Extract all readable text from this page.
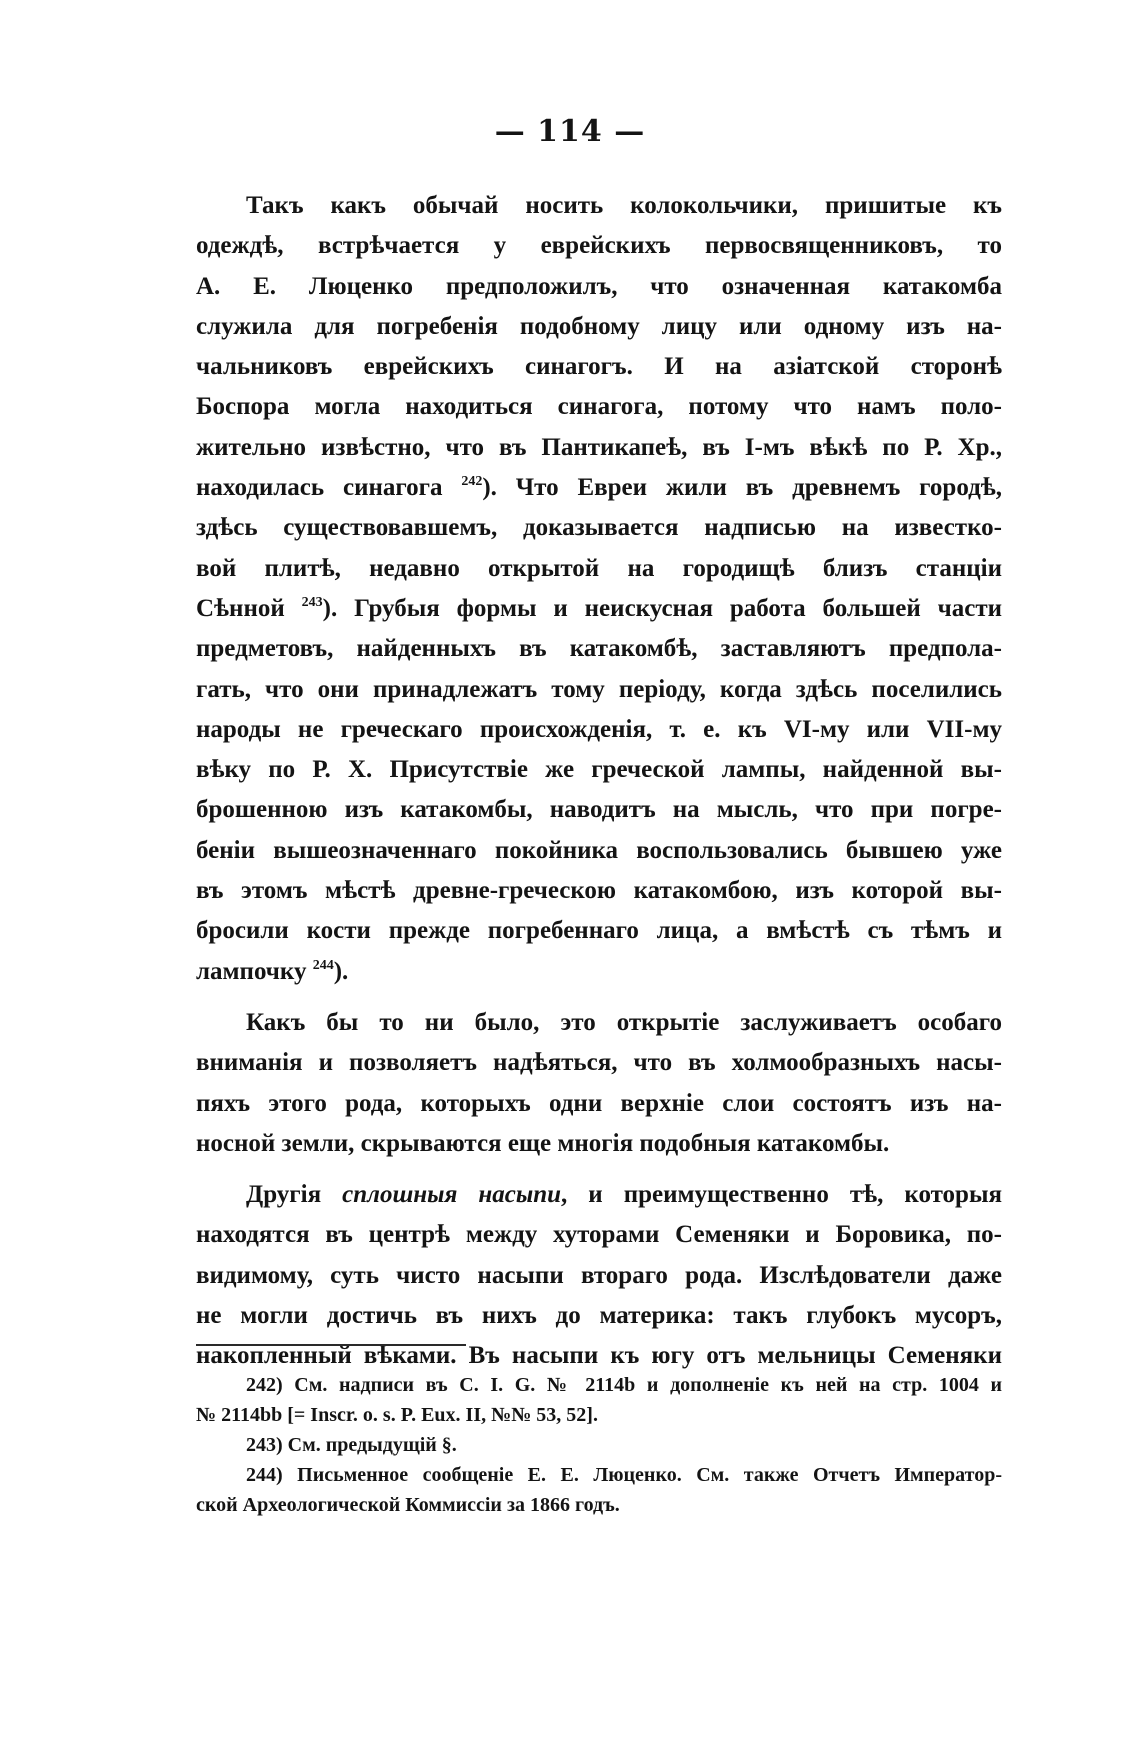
— 114 —
Такъ какъ обычай носить колокольчики, пришитые къ
одеждѣ, встрѣчается у еврейскихъ первосвященниковъ, то
А. Е. Люценко предположилъ, что означенная катакомба
служила для погребенія подобному лицу или одному изъ на-
чальниковъ еврейскихъ синагогъ. И на азіатской сторонѣ
Боспора могла находиться синагога, потому что намъ поло-
жительно извѣстно, что въ Пантикапеѣ, въ I-мъ вѣкѣ по Р. Хр.,
находилась синагога $^{242}$). Что Евреи жили въ древнемъ городѣ,
здѣсь существовавшемъ, доказывается надписью на известко-
вой плитѣ, недавно открытой на городищѣ близъ станціи
Сѣнной $^{243}$). Грубыя формы и неискусная работа большей части
предметовъ, найденныхъ въ катакомбѣ, заставляютъ предпола-
гать, что они принадлежатъ тому періоду, когда здѣсь поселились
народы не греческаго происхожденія, т. е. къ VI-му или VII-му
вѣку по Р. Х. Присутствіе же греческой лампы, найденной вы-
брошенною изъ катакомбы, наводитъ на мысль, что при погре-
беніи вышеозначеннаго покойника воспользовались бывшею уже
въ этомъ мѣстѣ древне-греческою катакомбою, изъ которой вы-
бросили кости прежде погребеннаго лица, а вмѣстѣ съ тѣмъ и
лампочку $^{244}$).
Какъ бы то ни было, это открытіе заслуживаетъ особаго
вниманія и позволяетъ надѣяться, что въ холмообразныхъ насы-
пяхъ этого рода, которыхъ одни верхніе слои состоятъ изъ на-
носной земли, скрываются еще многія подобныя катакомбы.
Другія сплошныя насыпи, и преимущественно тѣ, которыя
находятся въ центрѣ между хуторами Семеняки и Боровика, по-
видимому, суть чисто насыпи втораго рода. Изслѣдователи даже
не могли достичь въ нихъ до материка: такъ глубокъ мусоръ,
накопленный вѣками. Въ насыпи къ югу отъ мельницы Семеняки
242) См. надписи въ C. I. G. № 2114b и дополненіе къ ней на стр. 1004 и
№ 2114bb [= Inscr. o. s. P. Eux. II, №№ 53, 52].
243) См. предыдущій §.
244) Письменное сообщеніе Е. Е. Люценко. См. также Отчетъ Император-
ской Археологической Коммиссіи за 1866 годъ.
